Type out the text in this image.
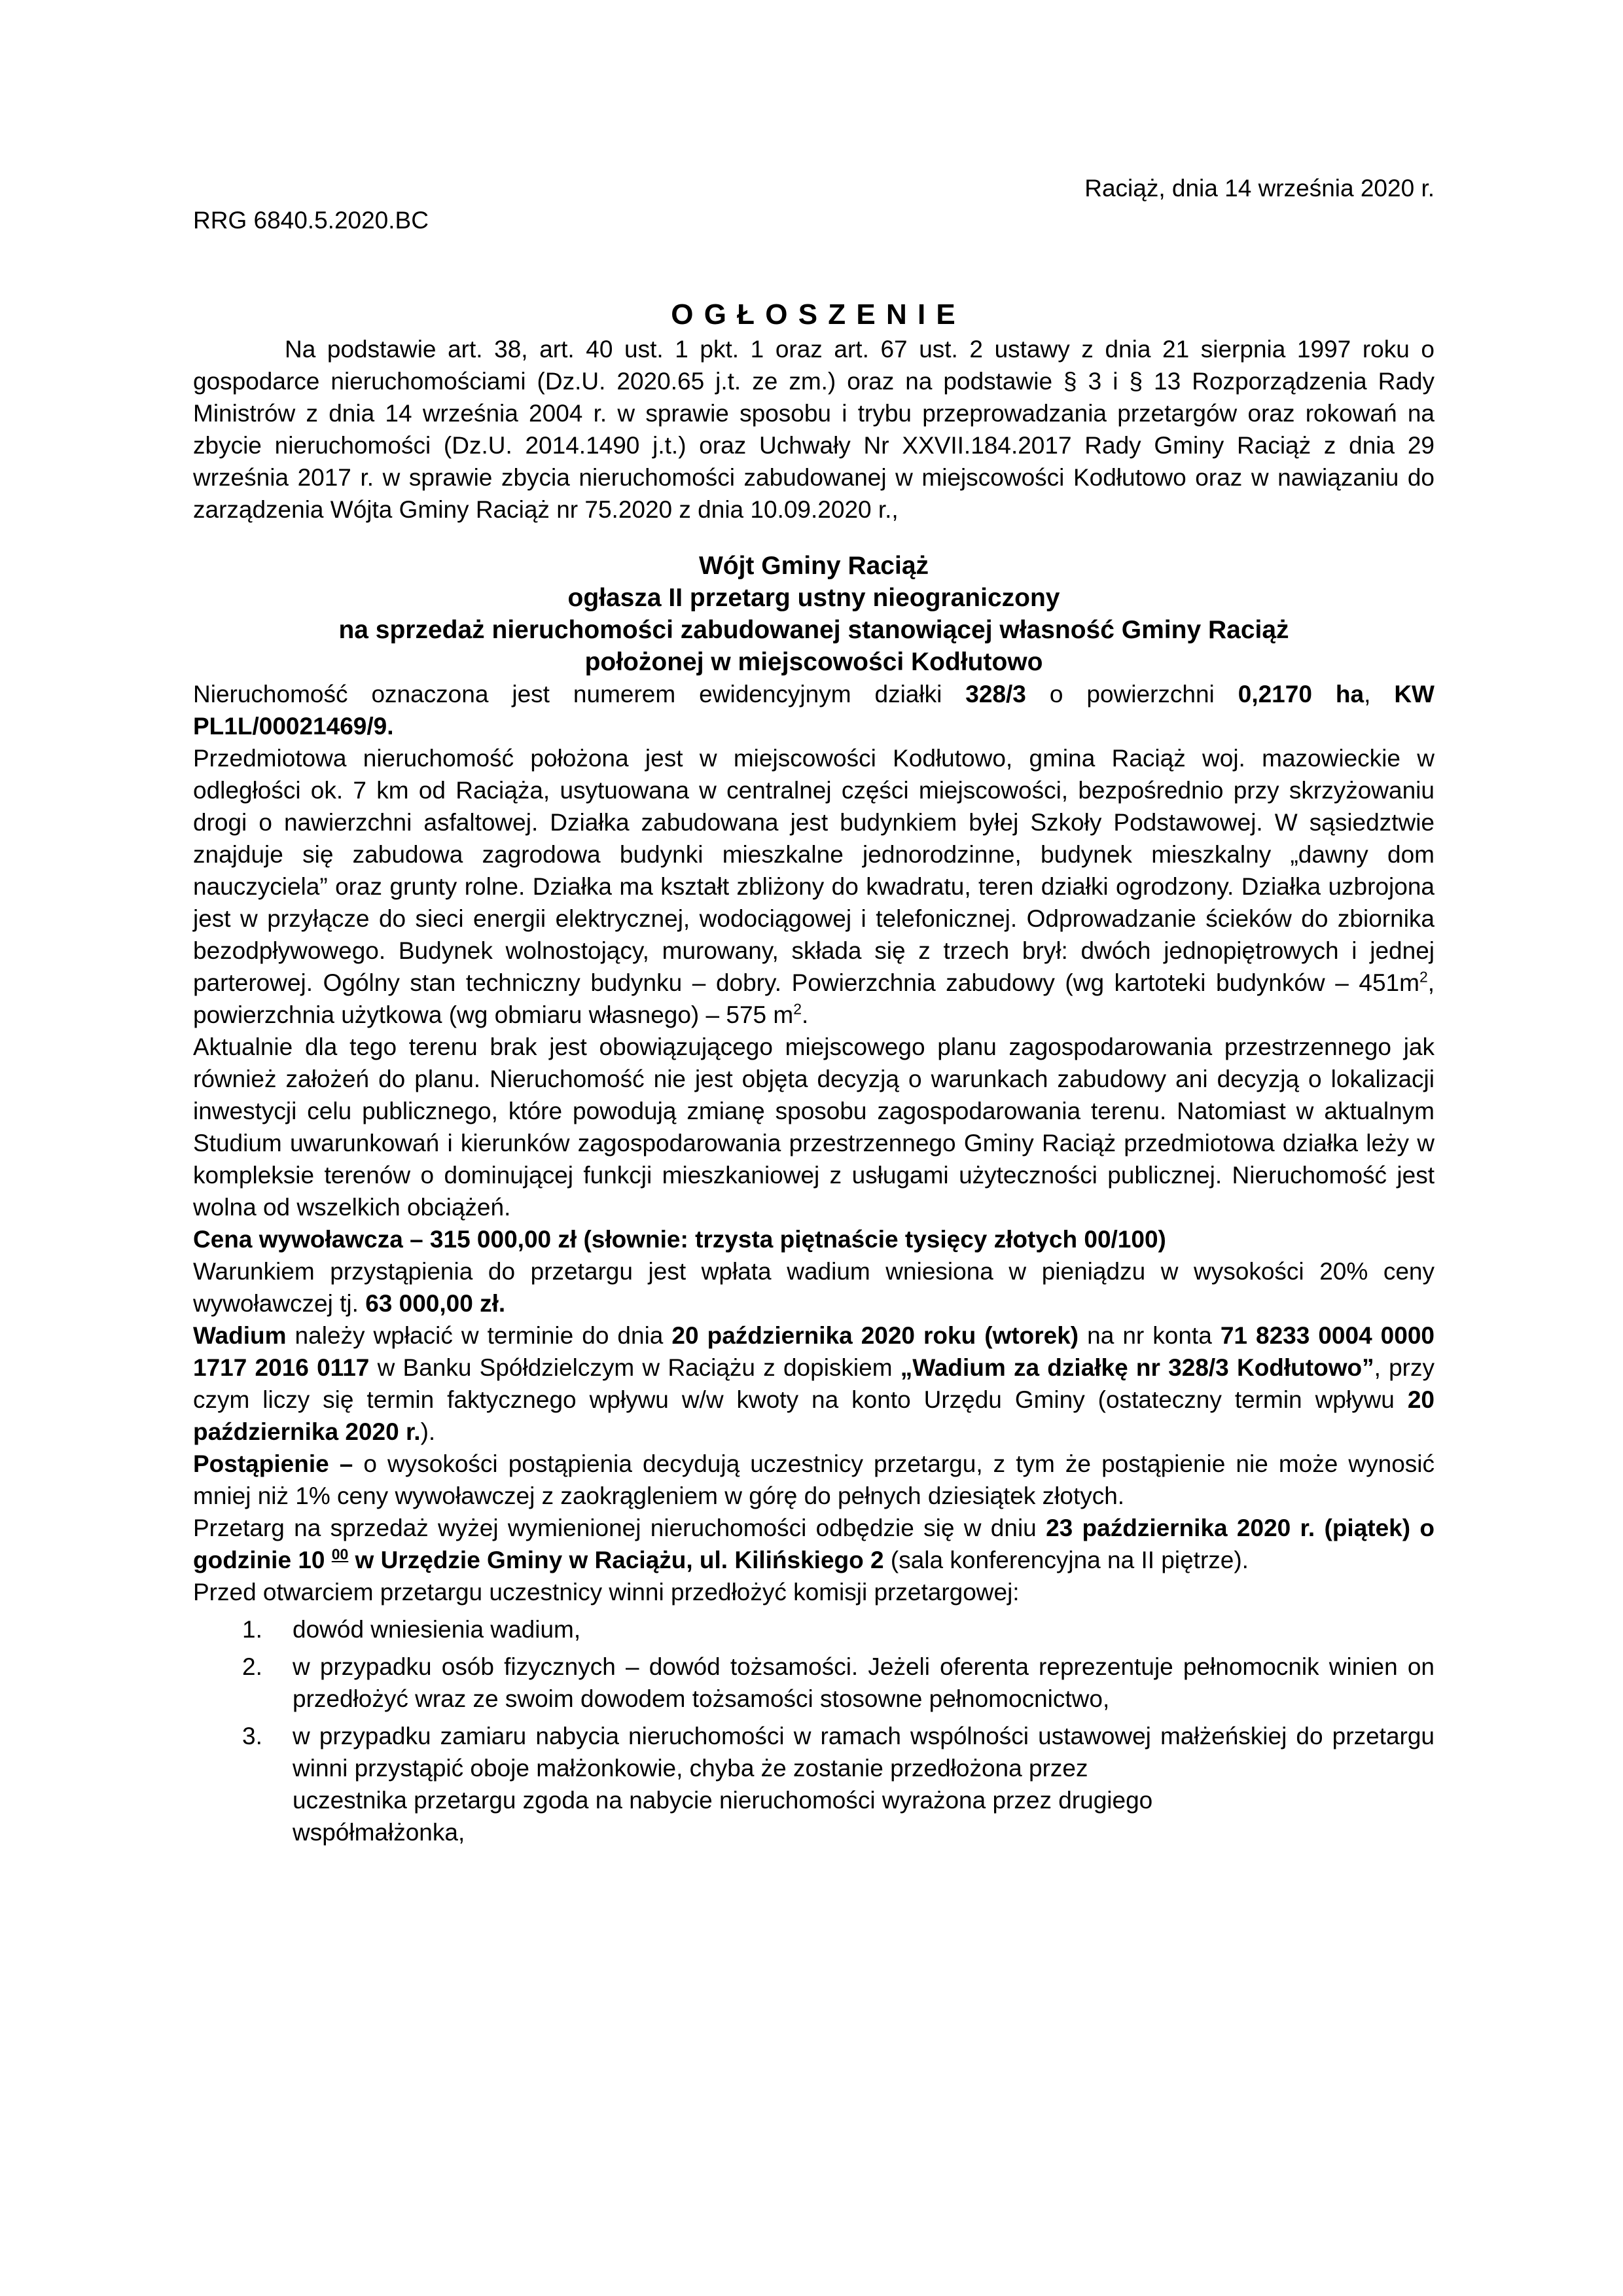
Raciąż, dnia 14 września 2020 r.
RRG 6840.5.2020.BC
O G Ł O S Z E N I E

Na podstawie art. 38, art. 40 ust. 1 pkt. 1 oraz art. 67 ust. 2 ustawy z dnia 21 sierpnia 1997 roku o gospodarce nieruchomościami (Dz.U. 2020.65 j.t. ze zm.) oraz na podstawie § 3 i § 13 Rozporządzenia Rady Ministrów z dnia 14 września 2004 r. w sprawie sposobu i trybu przeprowadzania przetargów oraz rokowań na zbycie nieruchomości (Dz.U. 2014.1490 j.t.) oraz Uchwały Nr XXVII.184.2017 Rady Gminy Raciąż z dnia 29 września 2017 r. w sprawie zbycia nieruchomości zabudowanej w miejscowości Kodłutowo oraz w nawiązaniu do zarządzenia Wójta Gminy Raciąż nr 75.2020 z dnia 10.09.2020 r.,

Wójt Gminy Raciąż
ogłasza II przetarg ustny nieograniczony
na sprzedaż nieruchomości zabudowanej stanowiącej własność Gminy Raciąż
położonej w miejscowości Kodłutowo

Nieruchomość oznaczona jest numerem ewidencyjnym działki 328/3 o powierzchni 0,2170 ha, KW PL1L/00021469/9.

Przedmiotowa nieruchomość położona jest w miejscowości Kodłutowo, gmina Raciąż woj. mazowieckie w odległości ok. 7 km od Raciąża, usytuowana w centralnej części miejscowości, bezpośrednio przy skrzyżowaniu drogi o nawierzchni asfaltowej. Działka zabudowana jest budynkiem byłej Szkoły Podstawowej. W sąsiedztwie znajduje się zabudowa zagrodowa budynki mieszkalne jednorodzinne, budynek mieszkalny „dawny dom nauczyciela” oraz grunty rolne. Działka ma kształt zbliżony do kwadratu, teren działki ogrodzony. Działka uzbrojona jest w przyłącze do sieci energii elektrycznej, wodociągowej i telefonicznej. Odprowadzanie ścieków do zbiornika bezodpływowego. Budynek wolnostojący, murowany, składa się z trzech brył: dwóch jednopiętrowych i jednej parterowej. Ogólny stan techniczny budynku – dobry. Powierzchnia zabudowy (wg kartoteki budynków – $451m^2$, powierzchnia użytkowa (wg obmiaru własnego) – 575 $m^2$.

Aktualnie dla tego terenu brak jest obowiązującego miejscowego planu zagospodarowania przestrzennego jak również założeń do planu. Nieruchomość nie jest objęta decyzją o warunkach zabudowy ani decyzją o lokalizacji inwestycji celu publicznego, które powodują zmianę sposobu zagospodarowania terenu. Natomiast w aktualnym Studium uwarunkowań i kierunków zagospodarowania przestrzennego Gminy Raciąż przedmiotowa działka leży w kompleksie terenów o dominującej funkcji mieszkaniowej z usługami użyteczności publicznej. Nieruchomość jest wolna od wszelkich obciążeń.

Cena wywoławcza – 315 000,00 zł (słownie: trzysta piętnaście tysięcy złotych 00/100)

Warunkiem przystąpienia do przetargu jest wpłata wadium wniesiona w pieniądzu w wysokości 20% ceny wywoławczej tj. 63 000,00 zł.

Wadium należy wpłacić w terminie do dnia 20 października 2020 roku (wtorek) na nr konta 71 8233 0004 0000 1717 2016 0117 w Banku Spółdzielczym w Raciążu z dopiskiem „Wadium za działkę nr 328/3 Kodłutowo”, przy czym liczy się termin faktycznego wpływu w/w kwoty na konto Urzędu Gminy (ostateczny termin wpływu 20 października 2020 r.).

Postąpienie – o wysokości postąpienia decydują uczestnicy przetargu, z tym że postąpienie nie może wynosić mniej niż 1% ceny wywoławczej z zaokrągleniem w górę do pełnych dziesiątek złotych.

Przetarg na sprzedaż wyżej wymienionej nieruchomości odbędzie się w dniu 23 października 2020 r. (piątek) o godzinie 10 $^{00}$ w Urzędzie Gminy w Raciążu, ul. Kilińskiego 2 (sala konferencyjna na II piętrze).

Przed otwarciem przetargu uczestnicy winni przedłożyć komisji przetargowej:

1. dowód wniesienia wadium,
2. w przypadku osób fizycznych – dowód tożsamości. Jeżeli oferenta reprezentuje pełnomocnik winien on przedłożyć wraz ze swoim dowodem tożsamości stosowne pełnomocnictwo,
3. w przypadku zamiaru nabycia nieruchomości w ramach wspólności ustawowej małżeńskiej do przetargu winni przystąpić oboje małżonkowie, chyba że zostanie przedłożona przez
uczestnika przetargu zgoda na nabycie nieruchomości wyrażona przez drugiego
współmałżonka,
